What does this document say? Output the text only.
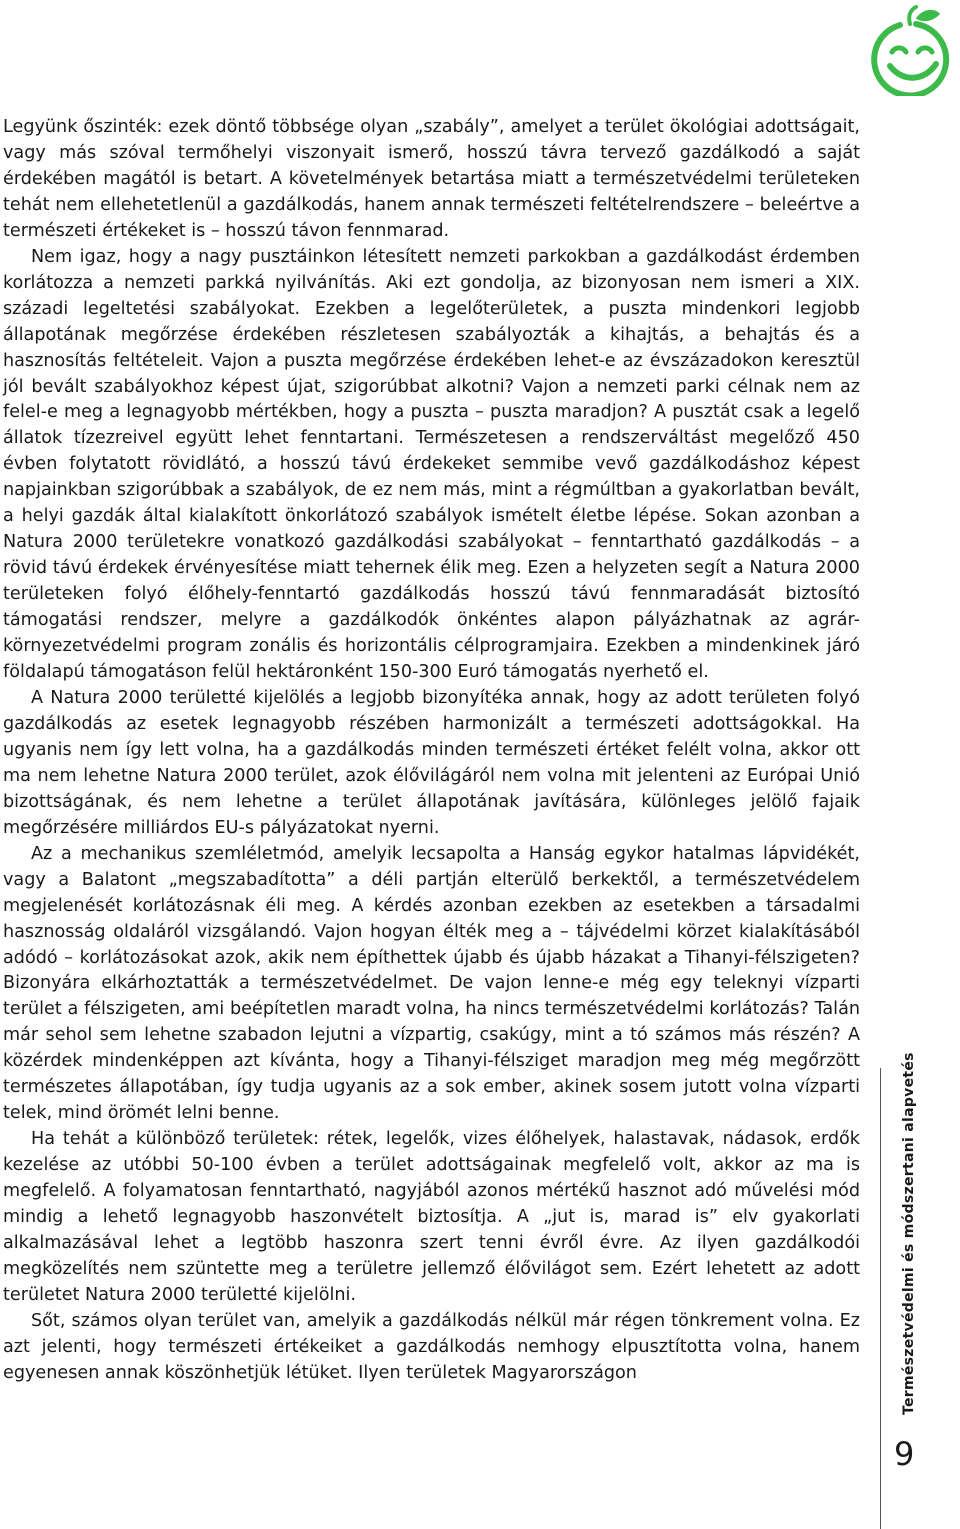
Legyünk őszinték: ezek döntő többsége olyan „szabály”, amelyet a terület ökológiai adottságait, vagy más szóval termőhelyi viszonyait ismerő, hosszú távra tervező gazdálkodó a saját érdekében magától is betart. A követelmények betartása miatt a természetvédelmi területeken tehát nem ellehetetlenül a gazdálkodás, hanem annak természeti feltételrendszere – beleértve a természeti értékeket is – hosszú távon fennmarad.

Nem igaz, hogy a nagy pusztáinkon létesített nemzeti parkokban a gazdálkodást érdemben korlátozza a nemzeti parkká nyilvánítás. Aki ezt gondolja, az bizonyosan nem ismeri a XIX. századi legeltetési szabályokat. Ezekben a legelőterületek, a puszta mindenkori legjobb állapotának megőrzése érdekében részletesen szabályozták a kihajtás, a behajtás és a hasznosítás feltételeit. Vajon a puszta megőrzése érdekében lehet-e az évszázadokon keresztül jól bevált szabályokhoz képest újat, szigorúbbat alkotni? Vajon a nemzeti parki célnak nem az felel-e meg a legnagyobb mértékben, hogy a puszta – puszta maradjon? A pusztát csak a legelő állatok tízezreivel együtt lehet fenntartani. Természetesen a rendszerváltást megelőző 450 évben folytatott rövidlátó, a hosszú távú érdekeket semmibe vevő gazdálkodáshoz képest napjainkban szigorúbbak a szabályok, de ez nem más, mint a régmúltban a gyakorlatban bevált, a helyi gazdák által kialakított önkorlátozó szabályok ismételt életbe lépése. Sokan azonban a Natura 2000 területekre vonatkozó gazdálkodási szabályokat – fenntartható gazdálkodás – a rövid távú érdekek érvényesítése miatt tehernek élik meg. Ezen a helyzeten segít a Natura 2000 területeken folyó élőhely-fenntartó gazdálkodás hosszú távú fennmaradását biztosító támogatási rendszer, melyre a gazdálkodók önkéntes alapon pályázhatnak az agrár-környezetvédelmi program zonális és horizontális célprogramjaira. Ezekben a mindenkinek járó földalapú támogatáson felül hektáronként 150-300 Euró támogatás nyerhető el.

A Natura 2000 területté kijelölés a legjobb bizonyítéka annak, hogy az adott területen folyó gazdálkodás az esetek legnagyobb részében harmonizált a természeti adottságokkal. Ha ugyanis nem így lett volna, ha a gazdálkodás minden természeti értéket felélt volna, akkor ott ma nem lehetne Natura 2000 terület, azok élővilágáról nem volna mit jelenteni az Európai Unió bizottságának, és nem lehetne a terület állapotának javítására, különleges jelölő fajaik megőrzésére milliárdos EU-s pályázatokat nyerni.

Az a mechanikus szemléletmód, amelyik lecsapolta a Hanság egykor hatalmas lápvidékét, vagy a Balatont „megszabadította” a déli partján elterülő berkektől, a természetvédelem megjelenését korlátozásnak éli meg. A kérdés azonban ezekben az esetekben a társadalmi hasznosság oldaláról vizsgálandó. Vajon hogyan élték meg a – tájvédelmi körzet kialakításából adódó – korlátozásokat azok, akik nem építhettek újabb és újabb házakat a Tihanyi-félszigeten? Bizonyára elkárhoztatták a természetvédelmet. De vajon lenne-e még egy teleknyi vízparti terület a félszigeten, ami beépítetlen maradt volna, ha nincs természetvédelmi korlátozás? Talán már sehol sem lehetne szabadon lejutni a vízpartig, csakúgy, mint a tó számos más részén? A közérdek mindenképpen azt kívánta, hogy a Tihanyi-félsziget maradjon meg még megőrzött természetes állapotában, így tudja ugyanis az a sok ember, akinek sosem jutott volna vízparti telek, mind örömét lelni benne.

Ha tehát a különböző területek: rétek, legelők, vizes élőhelyek, halastavak, nádasok, erdők kezelése az utóbbi 50-100 évben a terület adottságainak megfelelő volt, akkor az ma is megfelelő. A folyamatosan fenntartható, nagyjából azonos mértékű hasznot adó művelési mód mindig a lehető legnagyobb haszonvételt biztosítja. A „jut is, marad is” elv gyakorlati alkalmazásával lehet a legtöbb haszonra szert tenni évről évre. Az ilyen gazdálkodói megközelítés nem szüntette meg a területre jellemző élővilágot sem. Ezért lehetett az adott területet Natura 2000 területté kijelölni.

Sőt, számos olyan terület van, amelyik a gazdálkodás nélkül már régen tönkrement volna. Ez azt jelenti, hogy természeti értékeiket a gazdálkodás nemhogy elpusztította volna, hanem egyenesen annak köszönhetjük létüket. Ilyen területek Magyarországon	Természetvédelmi és módszertani alapvetés
9
